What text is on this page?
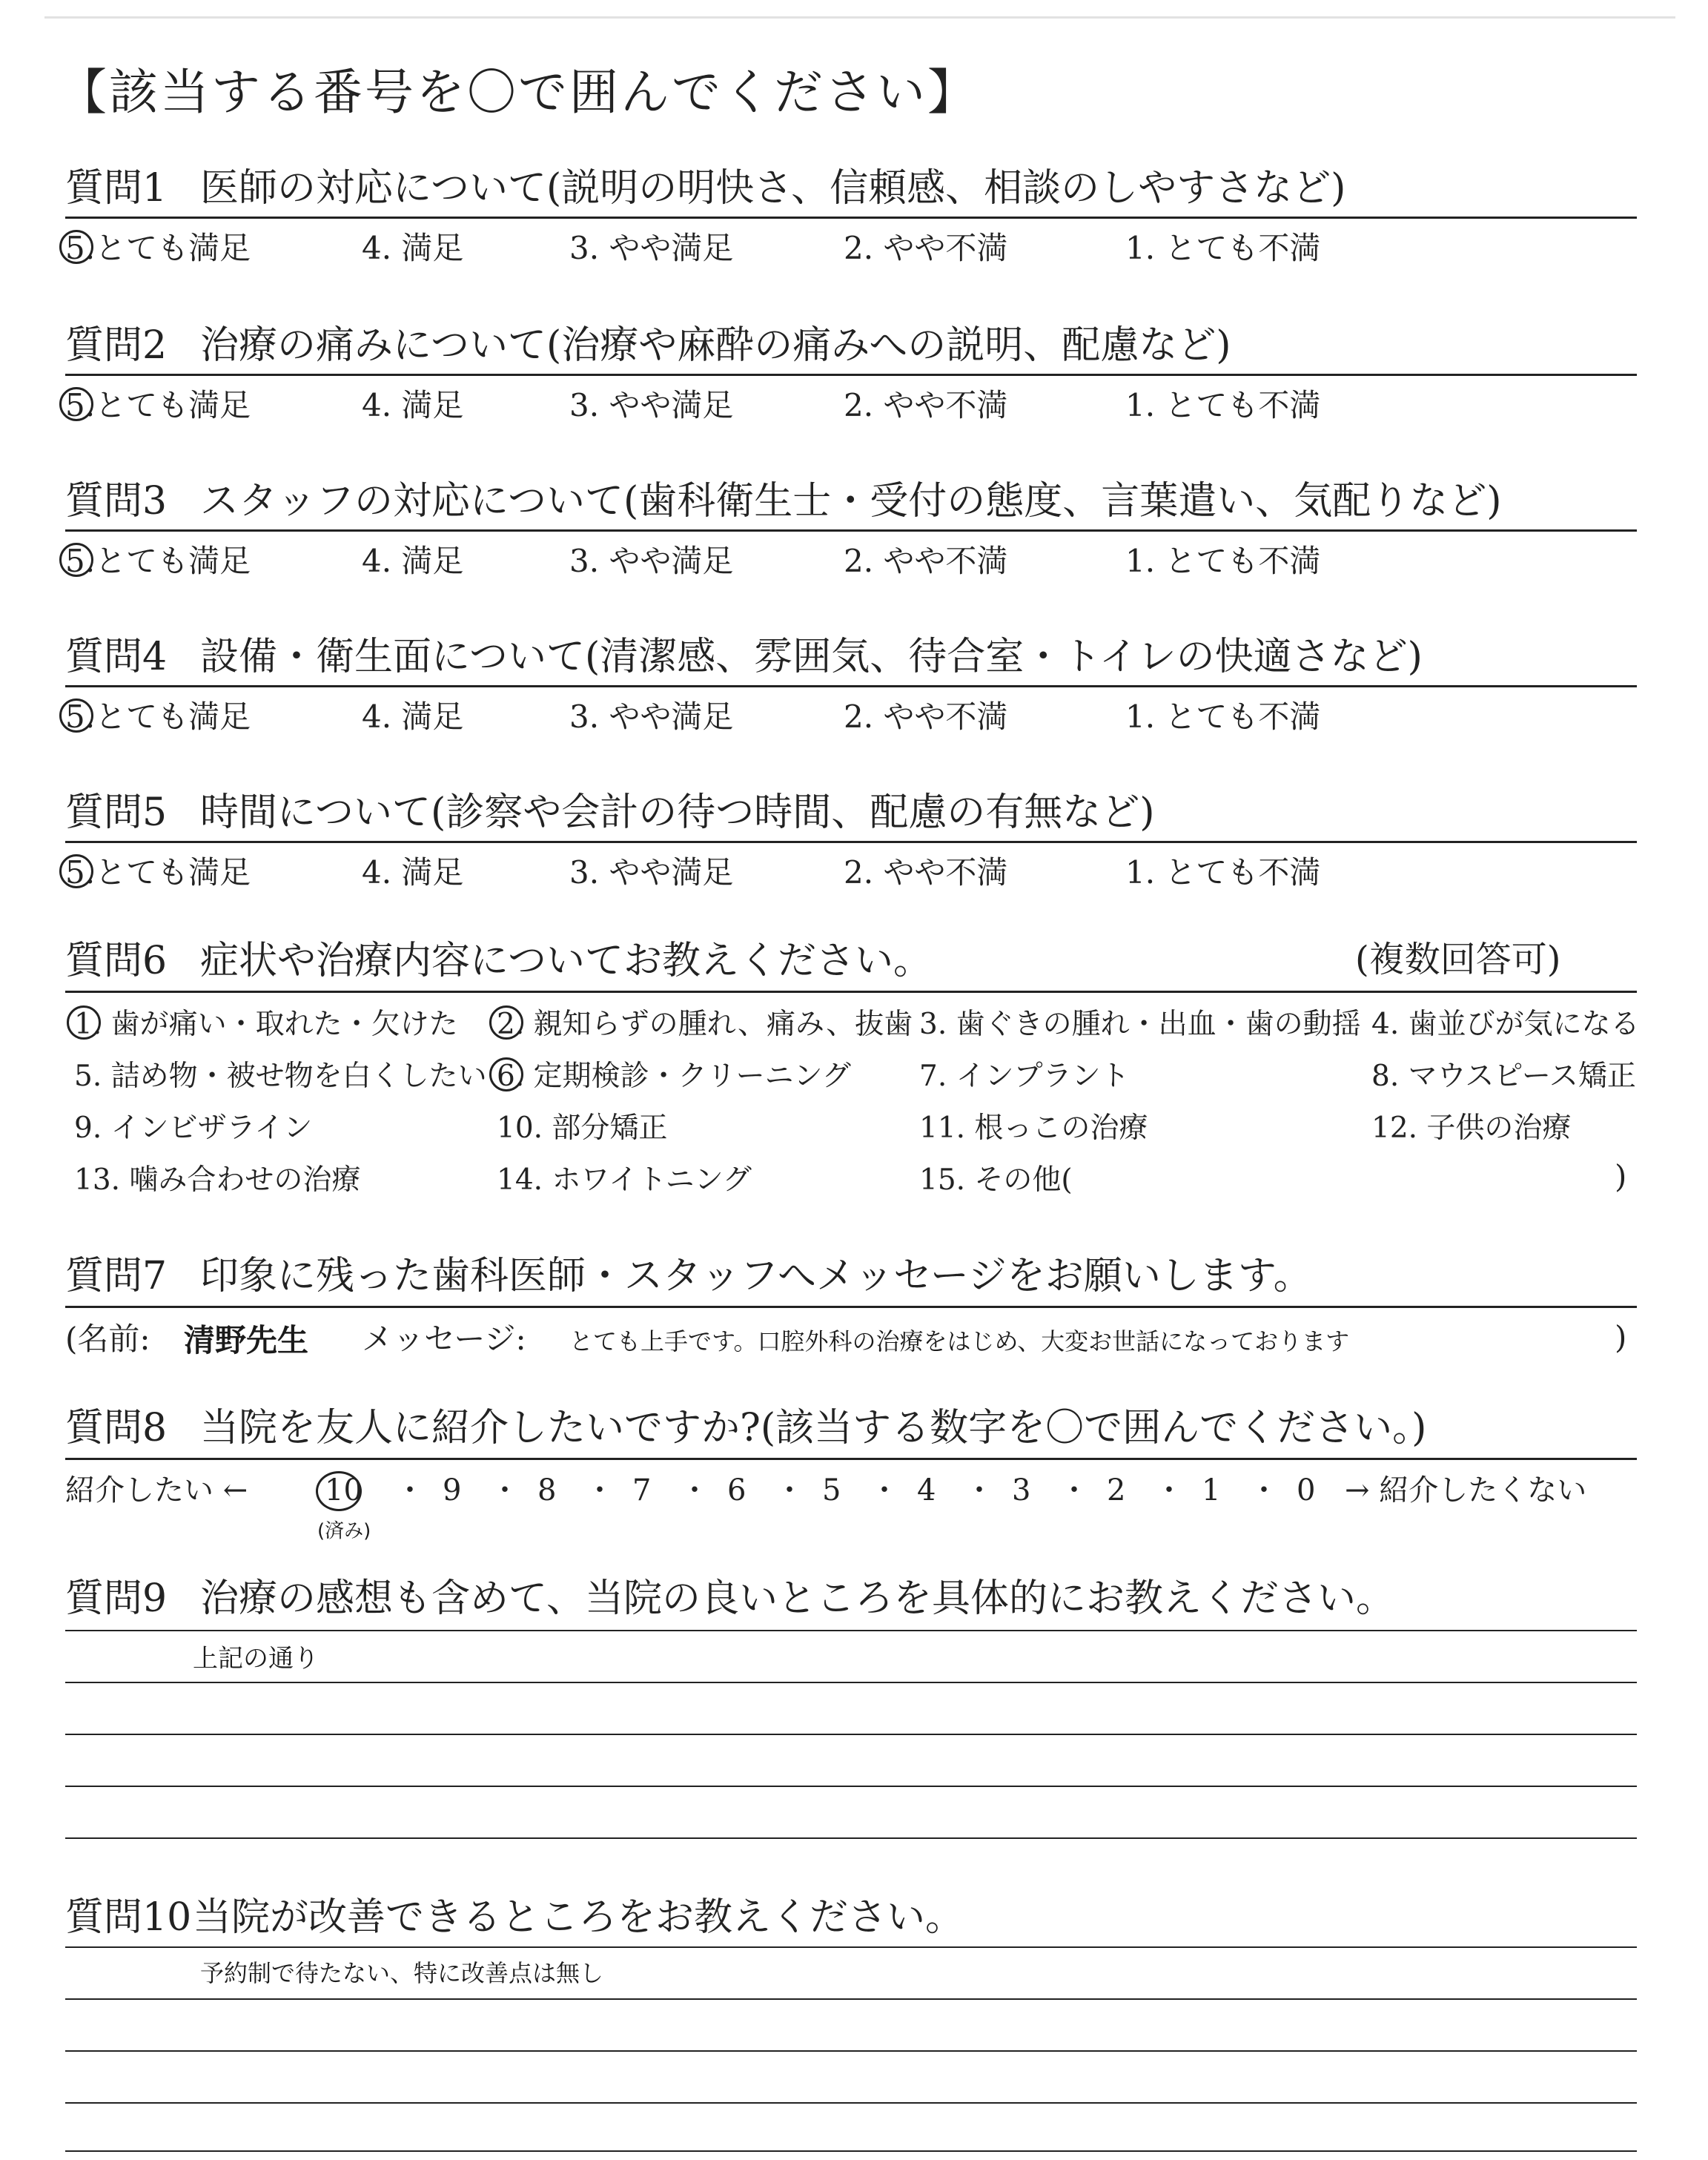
【該当する番号を〇で囲んでください】
質問1 医師の対応について(説明の明快さ、信頼感、相談のしやすさなど)
5.とても満足	4. 満足	3. やや満足	2. やや不満	1. とても不満
質問2 治療の痛みについて(治療や麻酔の痛みへの説明、配慮など)
5.とても満足	4. 満足	3. やや満足	2. やや不満	1. とても不満
質問3 スタッフの対応について(歯科衛生士・受付の態度、言葉遣い、気配りなど)
5.とても満足	4. 満足	3. やや満足	2. やや不満	1. とても不満
質問4 設備・衛生面について(清潔感、雰囲気、待合室・トイレの快適さなど)
5.とても満足	4. 満足	3. やや満足	2. やや不満	1. とても不満
質問5 時間について(診察や会計の待つ時間、配慮の有無など)
5.とても満足	4. 満足	3. やや満足	2. やや不満	1. とても不満
質問6 症状や治療内容についてお教えください。	(複数回答可)
1. 歯が痛い・取れた・欠けた 2. 親知らずの腫れ、痛み、抜歯 3. 歯ぐきの腫れ・出血・歯の動揺 4. 歯並びが気になる
5. 詰め物・被せ物を白くしたい 6. 定期検診・クリーニング 7. インプラント	8. マウスピース矯正
9. インビザライン	10. 部分矯正	11. 根っこの治療	12. 子供の治療
13. 噛み合わせの治療	14. ホワイトニング	15. その他(	)
質問7 印象に残った歯科医師・スタッフへメッセージをお願いします。
(名前: 清野先生 メッセージ: とても上手です。口腔外科の治療をはじめ、大変お世話になっております	)
質問8 当院を友人に紹介したいですか?(該当する数字を〇で囲んでください。)
紹介したい ←	10 ・ 9 ・ 8 ・ 7 ・ 6 ・ 5 ・ 4 ・ 3 ・ 2 ・ 1 ・ 0 → 紹介したくない
(済み)
質問9 治療の感想も含めて、当院の良いところを具体的にお教えください。
上記の通り
質問10当院が改善できるところをお教えください。
予約制で待たない、特に改善点は無し
